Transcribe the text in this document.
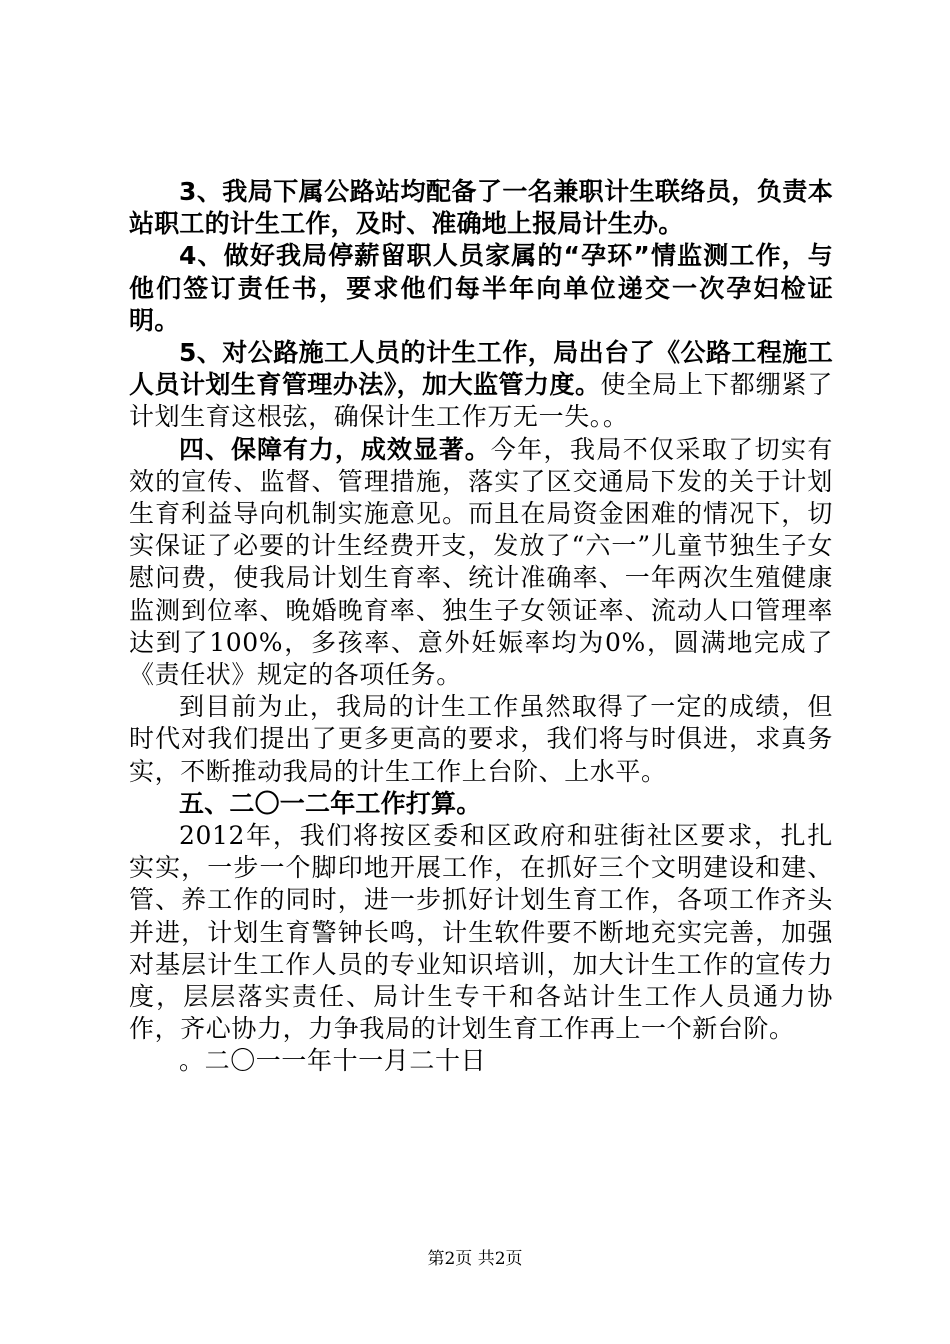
3、我局下属公路站均配备了一名兼职计生联络员，负责本站职工的计生工作，及时、准确地上报局计生办。

4、做好我局停薪留职人员家属的“孕环”情监测工作，与他们签订责任书，要求他们每半年向单位递交一次孕妇检证明。

5、对公路施工人员的计生工作，局出台了《公路工程施工人员计划生育管理办法》，加大监管力度。使全局上下都绷紧了计划生育这根弦，确保计生工作万无一失。。

四、保障有力，成效显著。今年，我局不仅采取了切实有效的宣传、监督、管理措施，落实了区交通局下发的关于计划生育利益导向机制实施意见。而且在局资金困难的情况下，切实保证了必要的计生经费开支，发放了“六一”儿童节独生子女慰问费，使我局计划生育率、统计准确率、一年两次生殖健康监测到位率、晚婚晚育率、独生子女领证率、流动人口管理率达到了100%，多孩率、意外妊娠率均为0%，圆满地完成了《责任状》规定的各项任务。

到目前为止，我局的计生工作虽然取得了一定的成绩，但时代对我们提出了更多更高的要求，我们将与时俱进，求真务实，不断推动我局的计生工作上台阶、上水平。

五、二〇一二年工作打算。

2012年，我们将按区委和区政府和驻街社区要求，扎扎实实，一步一个脚印地开展工作，在抓好三个文明建设和建、管、养工作的同时，进一步抓好计划生育工作，各项工作齐头并进，计划生育警钟长鸣，计生软件要不断地充实完善，加强对基层计生工作人员的专业知识培训，加大计生工作的宣传力度，层层落实责任、局计生专干和各站计生工作人员通力协作，齐心协力，力争我局的计划生育工作再上一个新台阶。

。二〇一一年十一月二十日

第2页 共2页
